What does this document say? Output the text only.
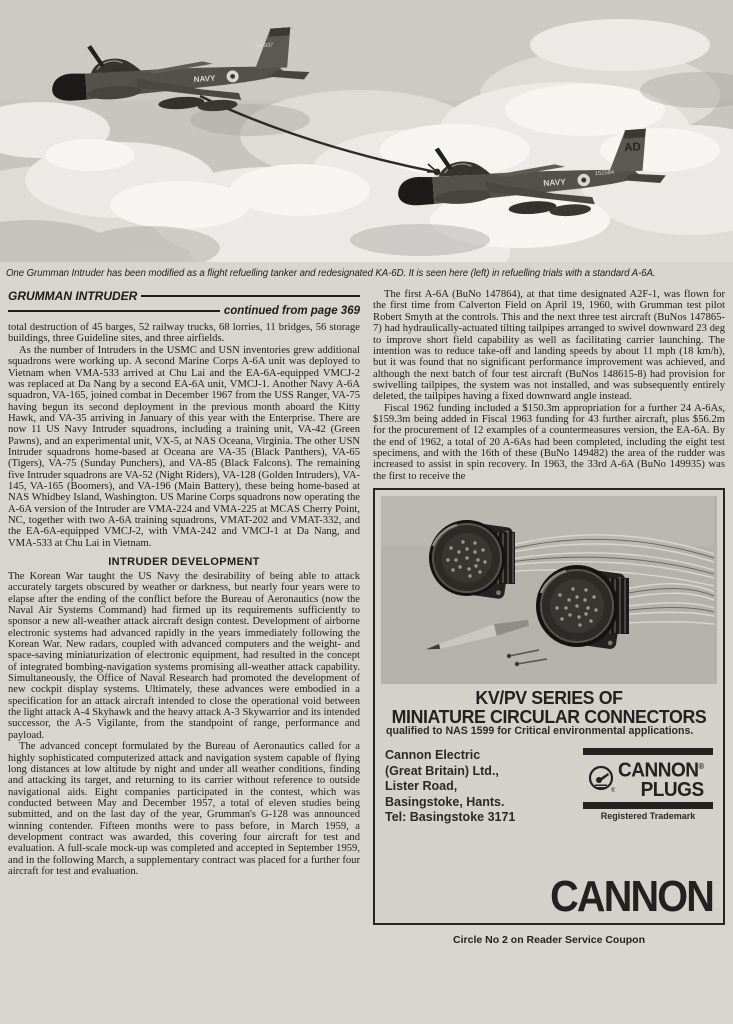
NAVY
149937
NAVY
AD
152584
One Grumman Intruder has been modified as a flight refuelling tanker and redesignated KA-6D. It is seen here (left) in refuelling trials with a standard A-6A.
GRUMMAN INTRUDER
continued from page 369

total destruction of 45 barges, 52 railway trucks, 68 lorries, 11 bridges, 56 storage buildings, three Guideline sites, and three airfields.

As the number of Intruders in the USMC and USN inventories grew additional squadrons were working up. A second Marine Corps A-6A unit was deployed to Vietnam when VMA-533 arrived at Chu Lai and the EA-6A-equipped VMCJ-2 was replaced at Da Nang by a second EA-6A unit, VMCJ-1. Another Navy A-6A squadron, VA-165, joined combat in December 1967 from the USS Ranger, VA-75 having begun its second deployment in the previous month aboard the Kitty Hawk, and VA-35 arriving in January of this year with the Enterprise. There are now 11 US Navy Intruder squadrons, including a training unit, VA-42 (Green Pawns), and an experimental unit, VX-5, at NAS Oceana, Virginia. The other USN Intruder squadrons home-based at Oceana are VA-35 (Black Panthers), VA-65 (Tigers), VA-75 (Sunday Punchers), and VA-85 (Black Falcons). The remaining five Intruder squadrons are VA-52 (Night Riders), VA-128 (Golden Intruders), VA-145, VA-165 (Boomers), and VA-196 (Main Battery), these being home-based at NAS Whidbey Island, Washington. US Marine Corps squadrons now operating the A-6A version of the Intruder are VMA-224 and VMA-225 at MCAS Cherry Point, NC, together with two A-6A training squadrons, VMAT-202 and VMAT-332, and the EA-6A-equipped VMCJ-2, with VMA-242 and VMCJ-1 at Da Nang, and VMA-533 at Chu Lai in Vietnam.

INTRUDER DEVELOPMENT

The Korean War taught the US Navy the desirability of being able to attack accurately targets obscured by weather or darkness, but nearly four years were to elapse after the ending of the conflict before the Bureau of Aeronautics (now the Naval Air Systems Command) had firmed up its requirements sufficiently to sponsor a new all-weather attack aircraft design contest. Development of airborne electronic systems had advanced rapidly in the years immediately following the Korean War. New radars, coupled with advanced computers and the weight- and space-saving miniaturization of electronic equipment, had resulted in the concept of integrated bombing-navigation systems promising all-weather attack capability. Simultaneously, the Office of Naval Research had promoted the development of new cockpit display systems. Ultimately, these advances were embodied in a specification for an attack aircraft intended to close the operational void between the light attack A-4 Skyhawk and the heavy attack A-3 Skywarrior and its intended successor, the A-5 Vigilante, from the standpoint of range, performance and payload.

The advanced concept formulated by the Bureau of Aeronautics called for a highly sophisticated computerized attack and navigation system capable of flying long distances at low altitude by night and under all weather conditions, finding and attacking its target, and returning to its carrier without reference to outside navigational aids. Eight companies participated in the contest, which was conducted between May and December 1957, a total of eleven studies being submitted, and on the last day of the year, Grumman's G-128 was announced winning contender. Fifteen months were to pass before, in March 1959, a development contract was awarded, this covering four aircraft for test and evaluation. A full-scale mock-up was completed and accepted in September 1959, and in the following March, a supplementary contract was placed for a further four aircraft for test and evaluation.

The first A-6A (BuNo 147864), at that time designated A2F-1, was flown for the first time from Calverton Field on April 19, 1960, with Grumman test pilot Robert Smyth at the controls. This and the next three test aircraft (BuNos 147865-7) had hydraulically-actuated tilting tailpipes arranged to swivel downward 23 deg to improve short field capability as well as facilitating carrier launching. The intention was to reduce take-off and landing speeds by about 11 mph (18 km/h), but it was found that no significant performance improvement was achieved, and although the next batch of four test aircraft (BuNos 148615-8) had provision for swivelling tailpipes, the system was not installed, and was subsequently entirely deleted, the tailpipes having a fixed downward angle instead.

Fiscal 1962 funding included a $150.3m appropriation for a further 24 A-6As, $159.3m being added in Fiscal 1963 funding for 43 further aircraft, plus $56.2m for the procurement of 12 examples of a countermeasures version, the EA-6A. By the end of 1962, a total of 20 A-6As had been completed, including the eight test specimens, and with the 16th of these (BuNo 149482) the area of the rudder was increased to assist in spin recovery. In 1963, the 33rd A-6A (BuNo 149935) was the first to receive the

KV/PV SERIES OF
MINIATURE CIRCULAR CONNECTORS

qualified to NAS 1599 for Critical environmental applications.

Cannon Electric
(Great Britain) Ltd.,
Lister Road,
Basingstoke, Hants.
Tel: Basingstoke 3171
®
CANNON®
PLUGS
Registered Trademark
CANNON
Circle No 2 on Reader Service Coupon
